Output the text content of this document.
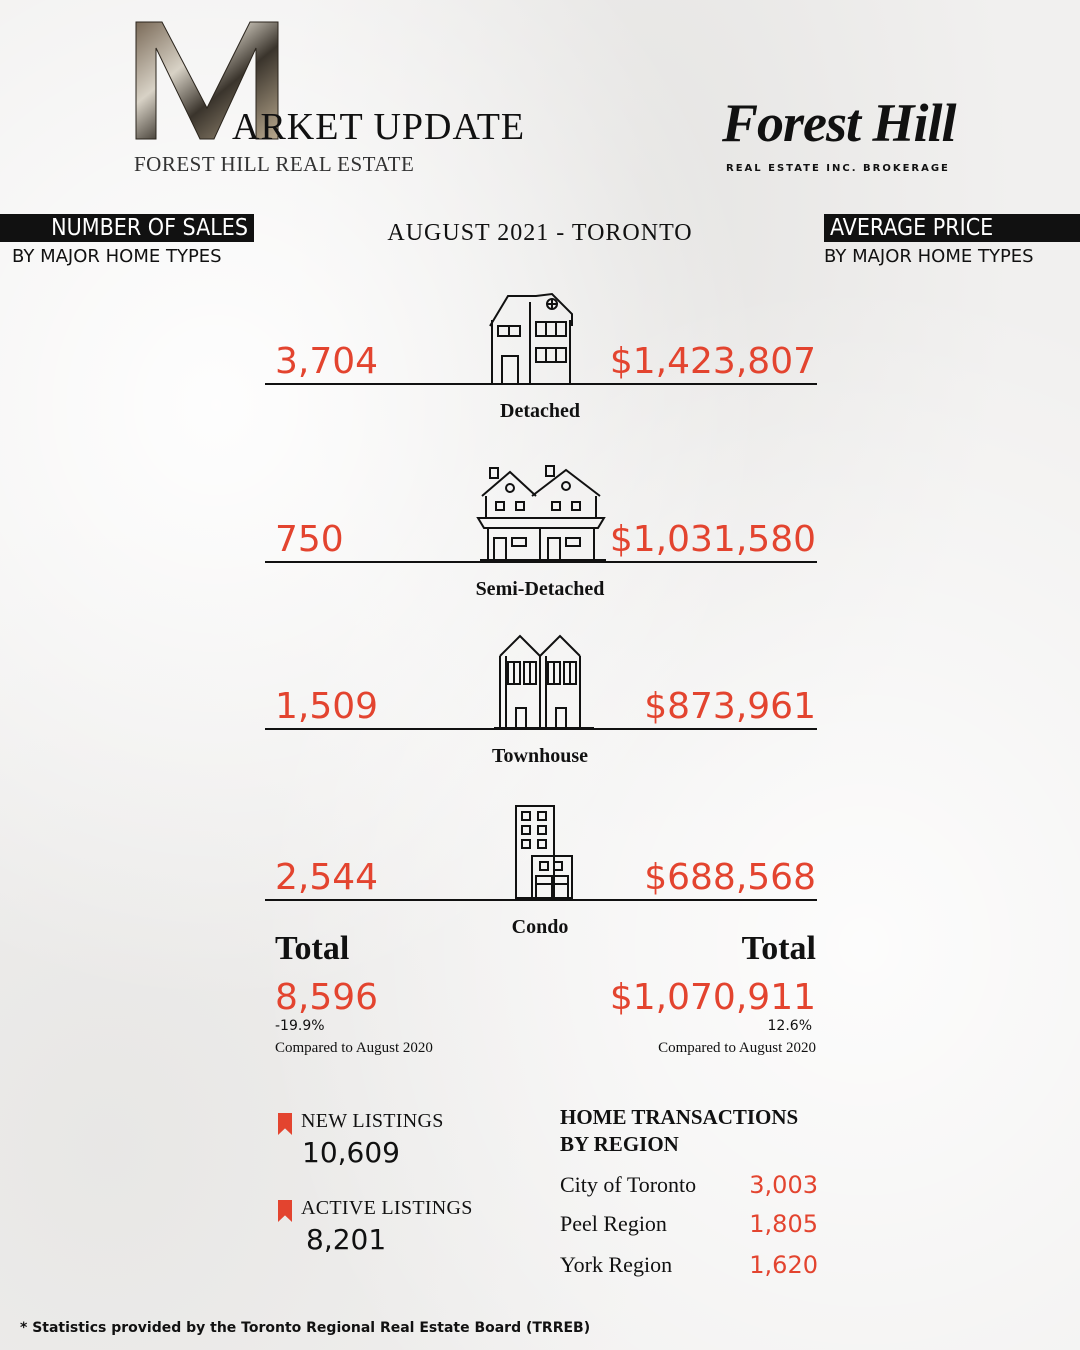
ARKET UPDATE
FOREST HILL REAL ESTATE
Forest Hill
REAL ESTATE INC. BROKERAGE
NUMBER OF SALES
BY MAJOR HOME TYPES
AVERAGE PRICE
BY MAJOR HOME TYPES
AUGUST 2021 - TORONTO
3,704	$1,423,807
Detached
750	$1,031,580
Semi-Detached
1,509	$873,961
Townhouse
2,544	$688,568
Condo
Total
8,596
-19.9%
Compared to August 2020
Total
$1,070,911
12.6%
Compared to August 2020
NEW LISTINGS
10,609
ACTIVE LISTINGS
8,201
HOME TRANSACTIONS
BY REGION
City of Toronto 3,003
Peel Region	1,805
York Region	1,620
* Statistics provided by the Toronto Regional Real Estate Board (TRREB)
